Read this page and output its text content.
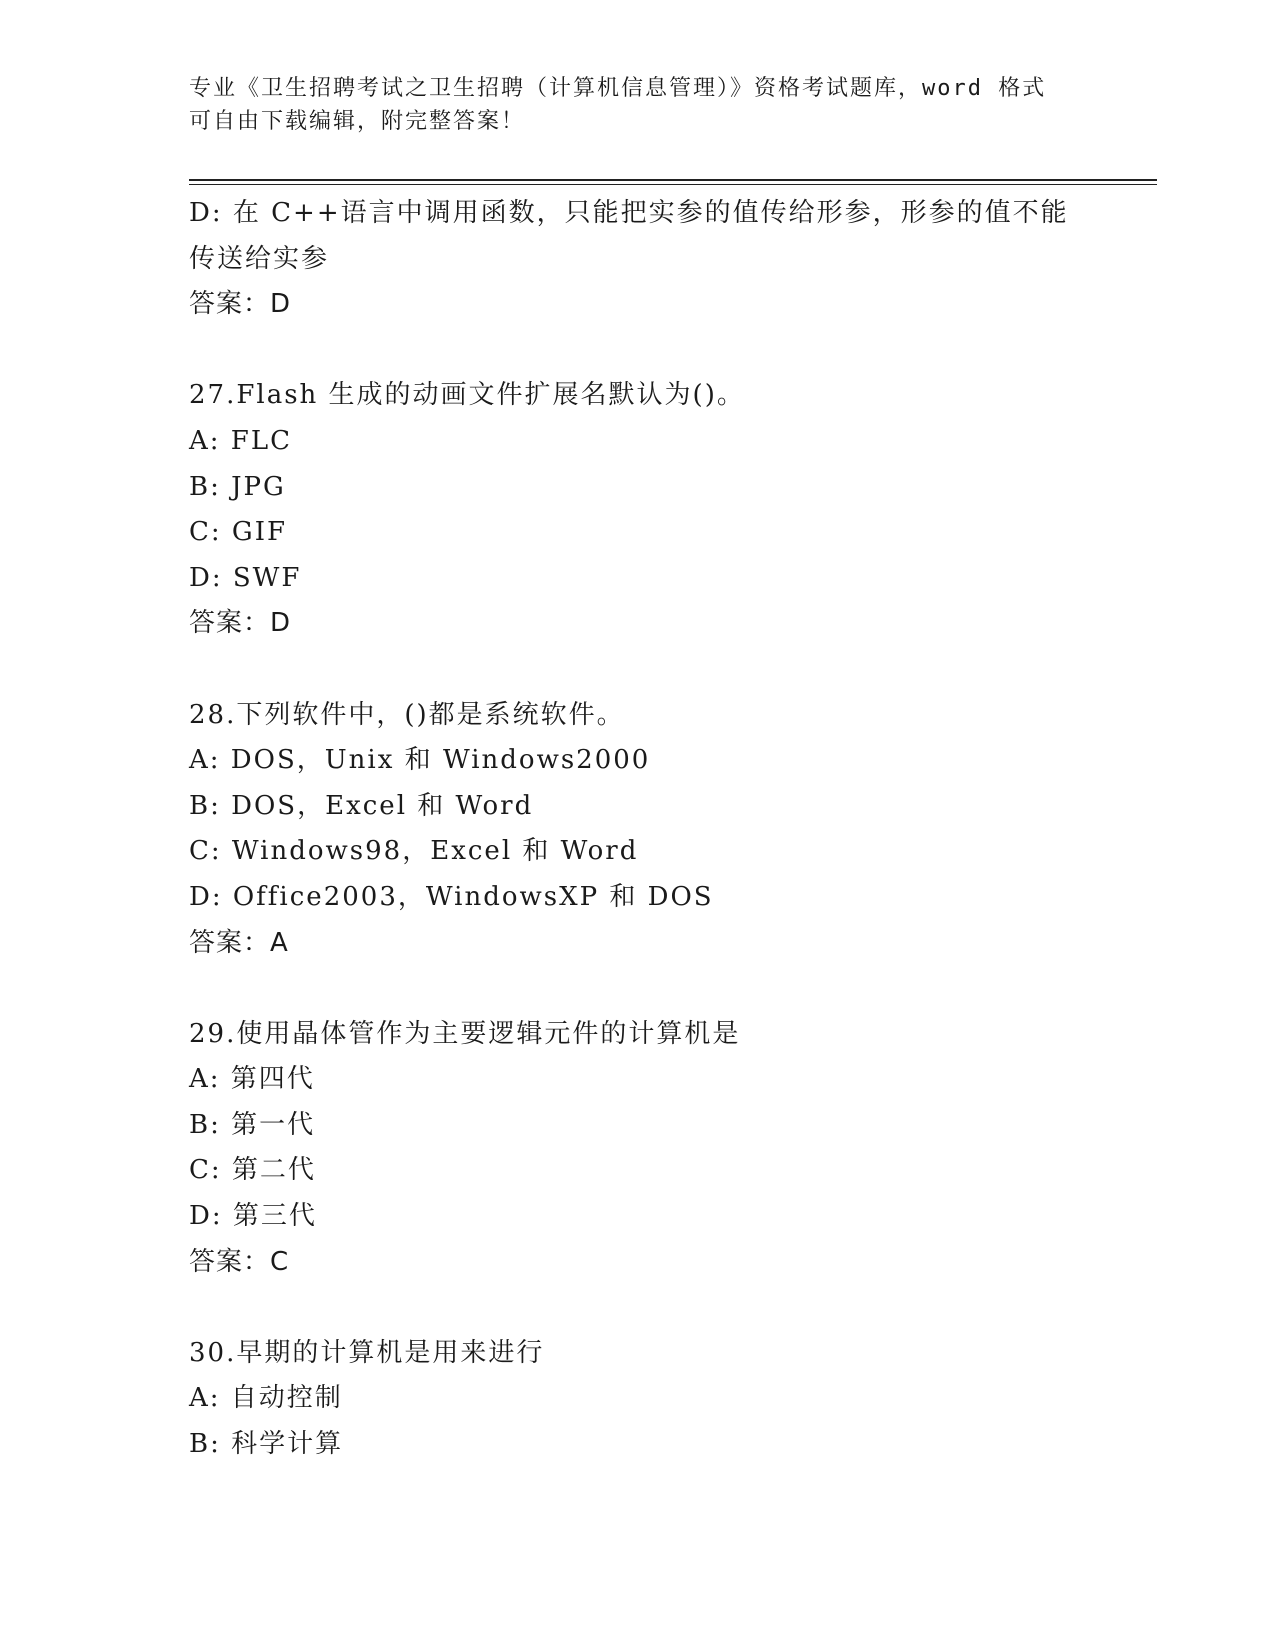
专业《卫生招聘考试之卫生招聘（计算机信息管理）》资格考试题库，word 格式
可自由下载编辑，附完整答案！
D: 在 C++语言中调用函数，只能把实参的值传给形参，形参的值不能
传送给实参
答案：D
27.Flash 生成的动画文件扩展名默认为()。
A: FLC
B: JPG
C: GIF
D: SWF
答案：D
28.下列软件中，()都是系统软件。
A: DOS，Unix 和 Windows2000
B: DOS，Excel 和 Word
C: Windows98，Excel 和 Word
D: Office2003，WindowsXP 和 DOS
答案：A
29.使用晶体管作为主要逻辑元件的计算机是
A: 第四代
B: 第一代
C: 第二代
D: 第三代
答案：C
30.早期的计算机是用来进行
A: 自动控制
B: 科学计算
